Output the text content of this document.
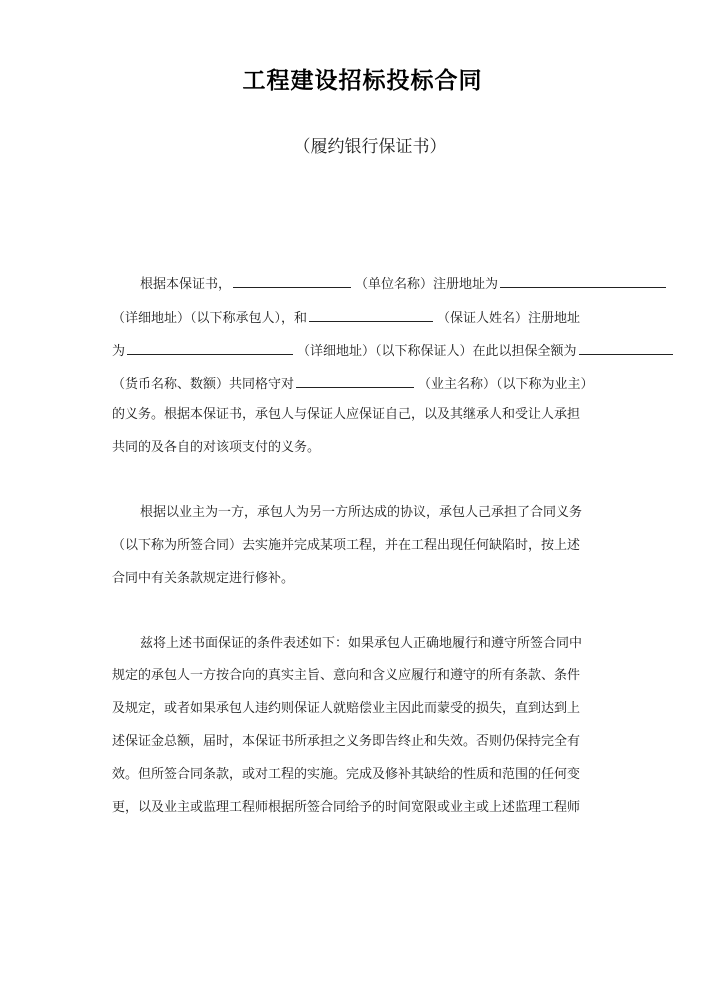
工程建设招标投标合同
（履约银行保证书）
根据本保证书，	（单位名称）注册地址为
（详细地址）（以下称承包人），和	（保证人姓名）注册地址
为	（详细地址）（以下称保证人）在此以担保全额为
（货币名称、数额）共同格守对	（业主名称）（以下称为业主）
的义务。根据本保证书，承包人与保证人应保证自己，以及其继承人和受让人承担
共同的及各自的对该项支付的义务。
根据以业主为一方，承包人为另一方所达成的协议，承包人己承担了合同义务
（以下称为所签合同）去实施并完成某项工程，并在工程出现任何缺陷时，按上述
合同中有关条款规定进行修补。
兹将上述书面保证的条件表述如下：如果承包人正确地履行和遵守所签合同中
规定的承包人一方按合向的真实主旨、意向和含义应履行和遵守的所有条款、条件
及规定，或者如果承包人违约则保证人就赔偿业主因此而蒙受的损失，直到达到上
述保证金总额，届时，本保证书所承担之义务即告终止和失效。否则仍保持完全有
效。但所签合同条款，或对工程的实施。完成及修补其缺给的性质和范围的任何变
更，以及业主或监理工程师根据所签合同给予的时间宽限或业主或上述监理工程师
